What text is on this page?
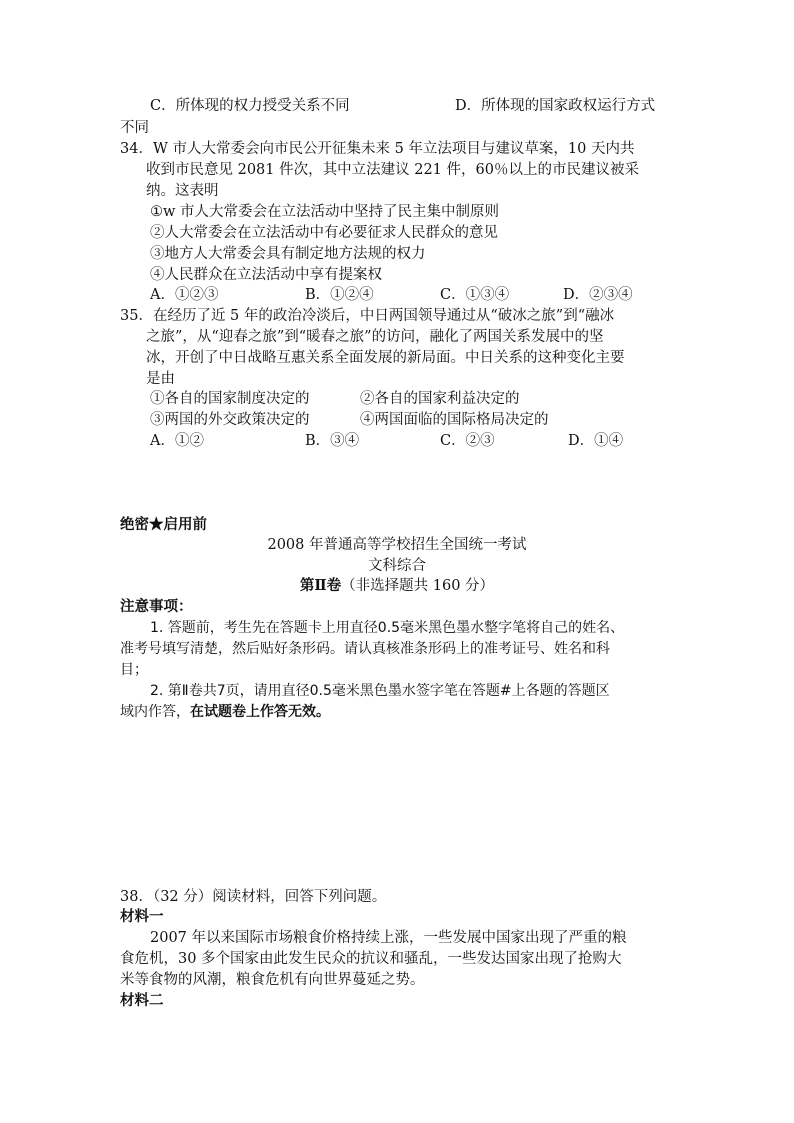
C．所体现的权力授受关系不同	D．所体现的国家政权运行方式
不同
34．W 市人大常委会向市民公开征集未来 5 年立法项目与建议草案，10 天内共
收到市民意见 2081 件次，其中立法建议 221 件，60％以上的市民建议被采
纳。这表明
①w 市人大常委会在立法活动中坚持了民主集中制原则
②人大常委会在立法活动中有必要征求人民群众的意见
③地方人大常委会具有制定地方法规的权力
④人民群众在立法活动中享有提案权
A．①②③	B．①②④	C．①③④	D．②③④
35．在经历了近 5 年的政治冷淡后，中日两国领导通过从“破冰之旅”到“融冰
之旅”，从“迎春之旅”到“暖春之旅”的访问，融化了两国关系发展中的坚
冰，开创了中日战略互惠关系全面发展的新局面。中日关系的这种变化主要
是由
①各自的国家制度决定的	②各自的国家利益决定的
③两国的外交政策决定的	④两国面临的国际格局决定的
A．①②	B．③④	C．②③	D．①④
绝密★启用前
2008 年普通高等学校招生全国统一考试
文科综合
第Ⅱ卷（非选择题共 160 分）
注意事项：
1. 答题前，考生先在答题卡上用直径0.5毫米黑色墨水整字笔将自己的姓名、
准考号填写清楚，然后贴好条形码。请认真核准条形码上的准考证号、姓名和科
目；
2. 第Ⅱ卷共7页，请用直径0.5毫米黑色墨水签字笔在答题#上各题的答题区
域内作答，在试题卷上作答无效。
38．（32 分）阅读材料，回答下列问题。
材料一
2007 年以来国际市场粮食价格持续上涨，一些发展中国家出现了严重的粮
食危机，30 多个国家由此发生民众的抗议和骚乱，一些发达国家出现了抢购大
米等食物的风潮，粮食危机有向世界蔓延之势。
材料二
